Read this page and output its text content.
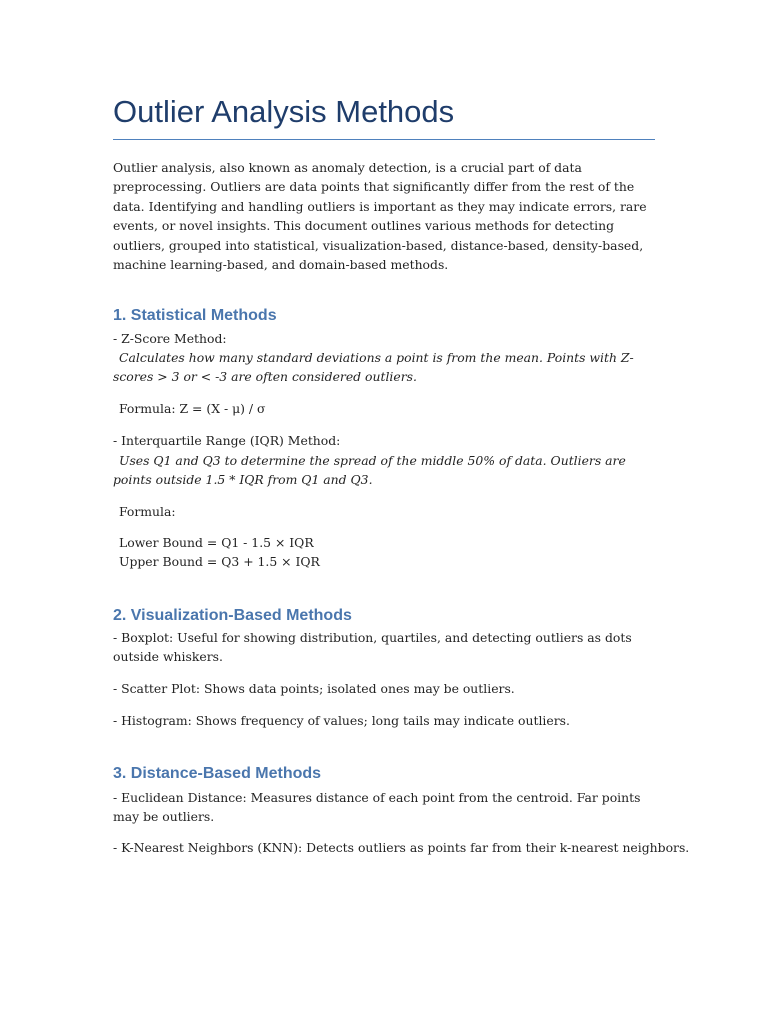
Outlier Analysis Methods

Outlier analysis, also known as anomaly detection, is a crucial part of data preprocessing. Outliers are data points that significantly differ from the rest of the data. Identifying and handling outliers is important as they may indicate errors, rare events, or novel insights. This document outlines various methods for detecting outliers, grouped into statistical, visualization-based, distance-based, density-based, machine learning-based, and domain-based methods.

1. Statistical Methods

- Z-Score Method:

Calculates how many standard deviations a point is from the mean. Points with Z-scores > 3 or < -3 are often considered outliers.

Formula: Z = (X - μ) / σ

- Interquartile Range (IQR) Method:

Uses Q1 and Q3 to determine the spread of the middle 50% of data. Outliers are points outside 1.5 * IQR from Q1 and Q3.

Formula:

Lower Bound = Q1 - 1.5 × IQR

Upper Bound = Q3 + 1.5 × IQR

2. Visualization-Based Methods

- Boxplot: Useful for showing distribution, quartiles, and detecting outliers as dots outside whiskers.

- Scatter Plot: Shows data points; isolated ones may be outliers.

- Histogram: Shows frequency of values; long tails may indicate outliers.

3. Distance-Based Methods

- Euclidean Distance: Measures distance of each point from the centroid. Far points may be outliers.

- K-Nearest Neighbors (KNN): Detects outliers as points far from their k-nearest neighbors.
